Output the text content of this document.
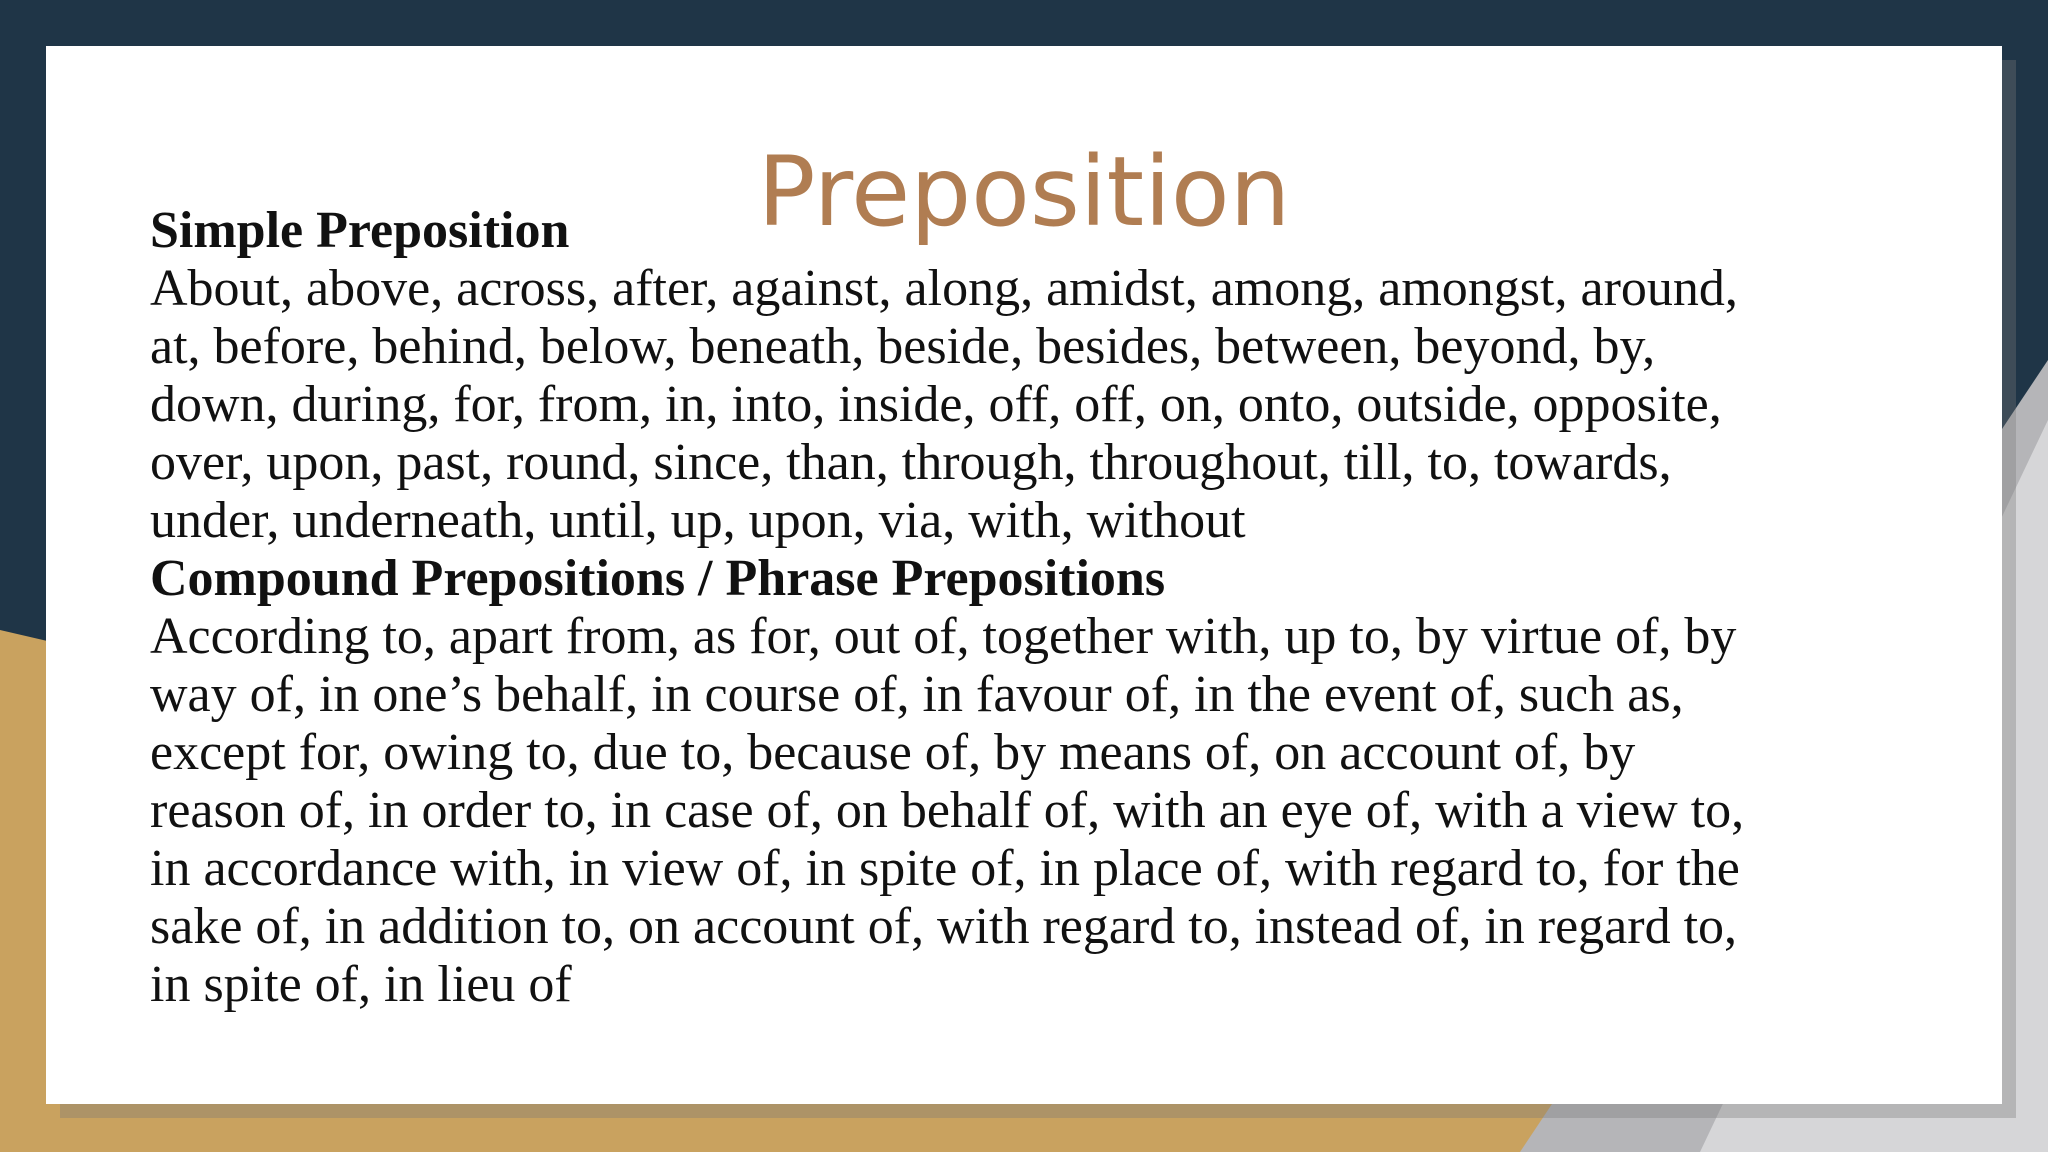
Preposition
Simple Preposition
About, above, across, after, against, along, amidst, among, amongst, around,
at, before, behind, below, beneath, beside, besides, between, beyond, by,
down, during, for, from, in, into, inside, off, off, on, onto, outside, opposite,
over, upon, past, round, since, than, through, throughout, till, to, towards,
under, underneath, until, up, upon, via, with, without
Compound Prepositions / Phrase Prepositions
According to, apart from, as for, out of, together with, up to, by virtue of, by
way of, in one’s behalf, in course of, in favour of, in the event of, such as,
except for, owing to, due to, because of, by means of, on account of, by
reason of, in order to, in case of, on behalf of, with an eye of, with a view to,
in accordance with, in view of, in spite of, in place of, with regard to, for the
sake of, in addition to, on account of, with regard to, instead of, in regard to,
in spite of, in lieu of
